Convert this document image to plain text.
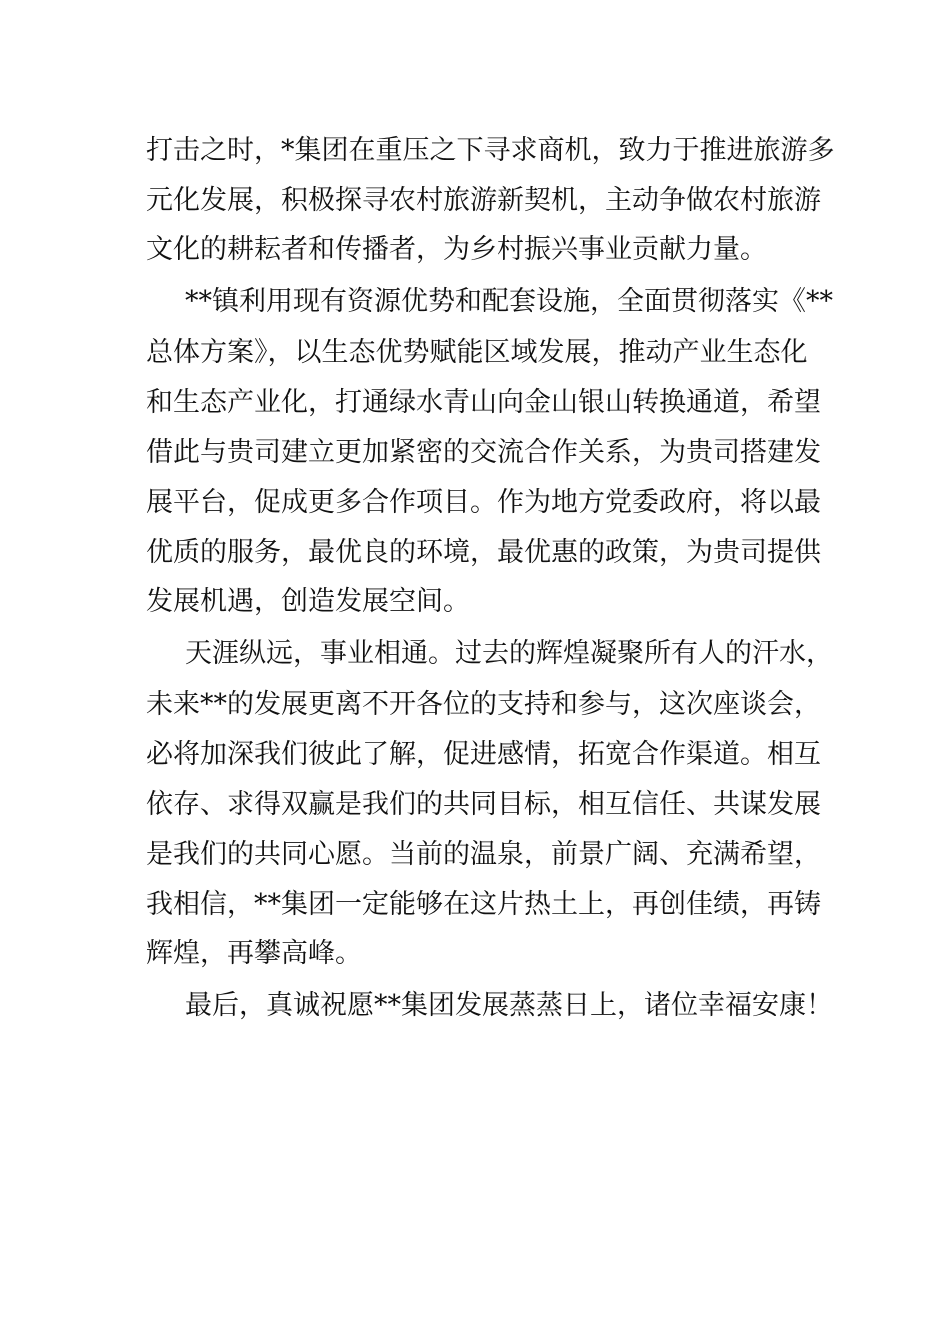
打击之时，*集团在重压之下寻求商机，致力于推进旅游多

元化发展，积极探寻农村旅游新契机，主动争做农村旅游

文化的耕耘者和传播者，为乡村振兴事业贡献力量。

**镇利用现有资源优势和配套设施，全面贯彻落实《**

总体方案》，以生态优势赋能区域发展，推动产业生态化

和生态产业化，打通绿水青山向金山银山转换通道，希望

借此与贵司建立更加紧密的交流合作关系，为贵司搭建发

展平台，促成更多合作项目。作为地方党委政府，将以最

优质的服务，最优良的环境，最优惠的政策，为贵司提供

发展机遇，创造发展空间。

天涯纵远，事业相通。过去的辉煌凝聚所有人的汗水，

未来**的发展更离不开各位的支持和参与，这次座谈会，

必将加深我们彼此了解，促进感情，拓宽合作渠道。相互

依存、求得双赢是我们的共同目标，相互信任、共谋发展

是我们的共同心愿。当前的温泉，前景广阔、充满希望，

我相信，**集团一定能够在这片热土上，再创佳绩，再铸

辉煌，再攀高峰。

最后，真诚祝愿**集团发展蒸蒸日上，诸位幸福安康！
